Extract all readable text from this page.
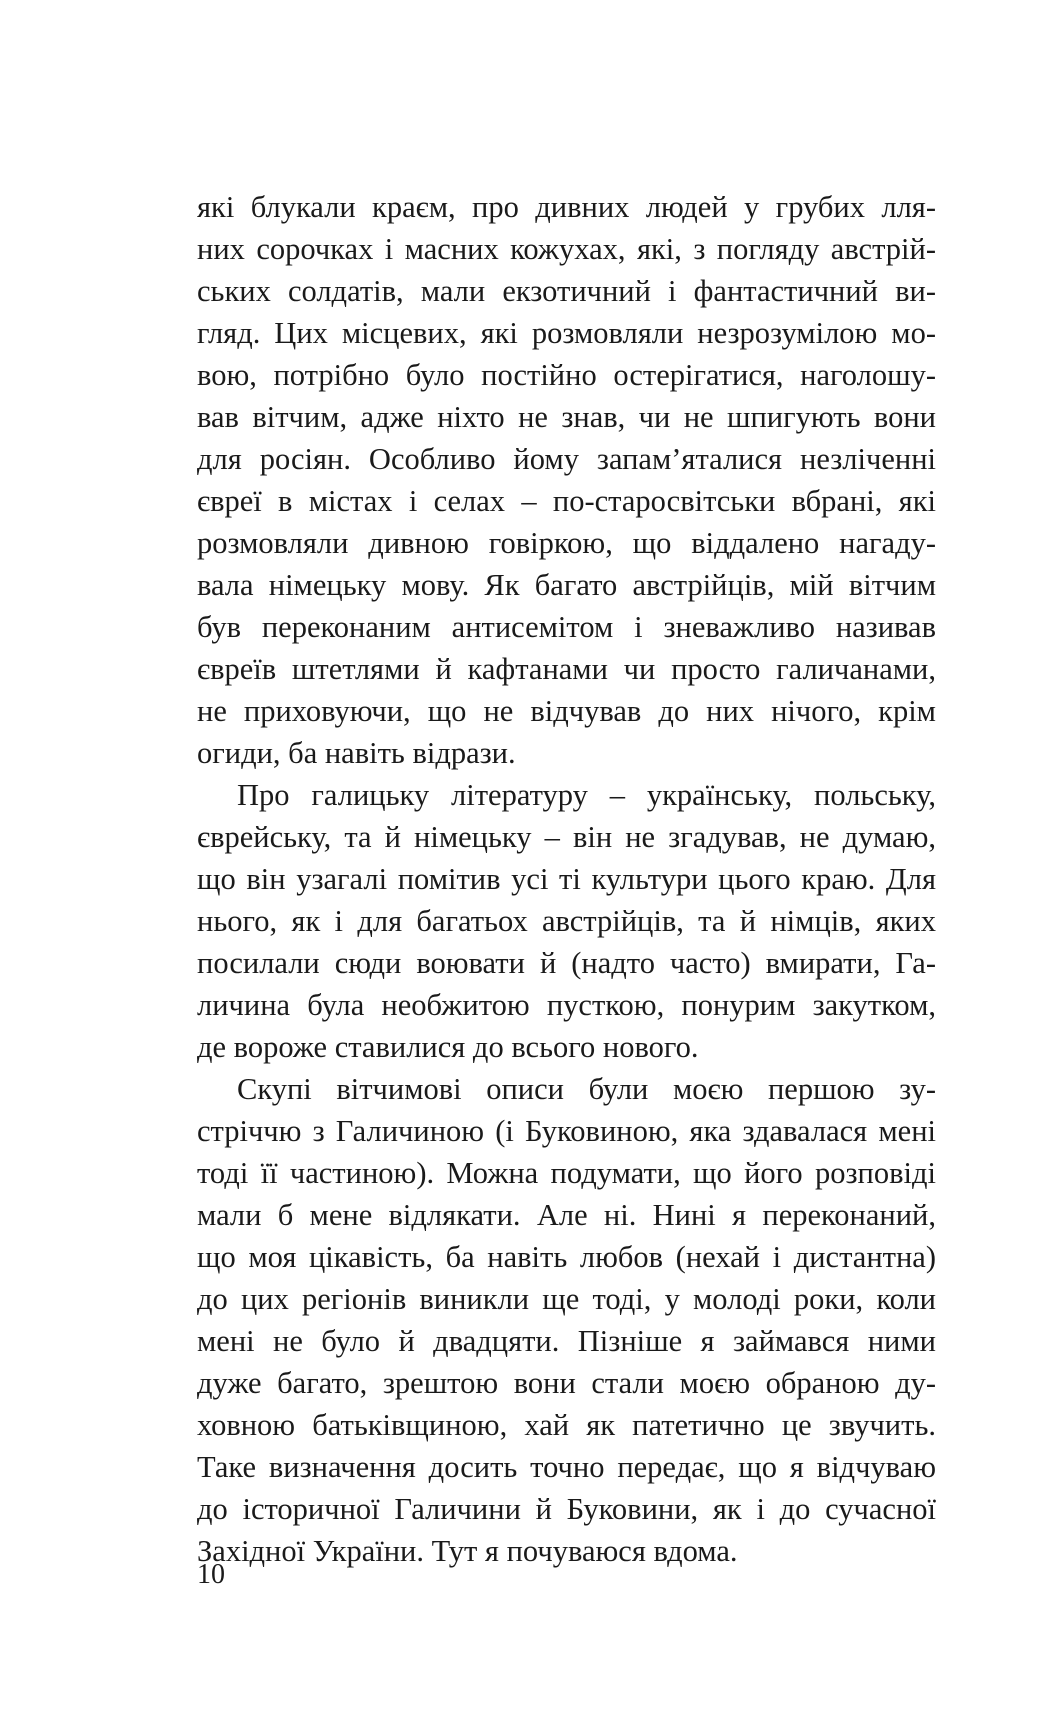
які блукали краєм, про дивних людей у грубих лля-
них сорочках і масних кожухах, які, з погляду австрій-
ських солдатів, мали екзотичний і фантастичний ви-
гляд. Цих місцевих, які розмовляли незрозумілою мо-
вою, потрібно було постійно остерігатися, наголошу-
вав вітчим, адже ніхто не знав, чи не шпигують вони
для росіян. Особливо йому запам’яталися незліченні
євреї в містах і селах – по-старосвітськи вбрані, які
розмовляли дивною говіркою, що віддалено нагаду-
вала німецьку мову. Як багато австрійців, мій вітчим
був переконаним антисемітом і зневажливо називав
євреїв штетлями й кафтанами чи просто галичанами,
не приховуючи, що не відчував до них нічого, крім
огиди, ба навіть відрази.
Про галицьку літературу – українську, польську,
єврейську, та й німецьку – він не згадував, не думаю,
що він узагалі помітив усі ті культури цього краю. Для
нього, як і для багатьох австрійців, та й німців, яких
посилали сюди воювати й (надто часто) вмирати, Га-
личина була необжитою пусткою, понурим закутком,
де вороже ставилися до всього нового.
Скупі вітчимові описи були моєю першою зу-
стріччю з Галичиною (і Буковиною, яка здавалася мені
тоді її частиною). Можна подумати, що його розповіді
мали б мене відлякати. Але ні. Нині я переконаний,
що моя цікавість, ба навіть любов (нехай і дистантна)
до цих регіонів виникли ще тоді, у молоді роки, коли
мені не було й двадцяти. Пізніше я займався ними
дуже багато, зрештою вони стали моєю обраною ду-
ховною батьківщиною, хай як патетично це звучить.
Таке визначення досить точно передає, що я відчуваю
до історичної Галичини й Буковини, як і до сучасної
Західної України. Тут я почуваюся вдома.
10
